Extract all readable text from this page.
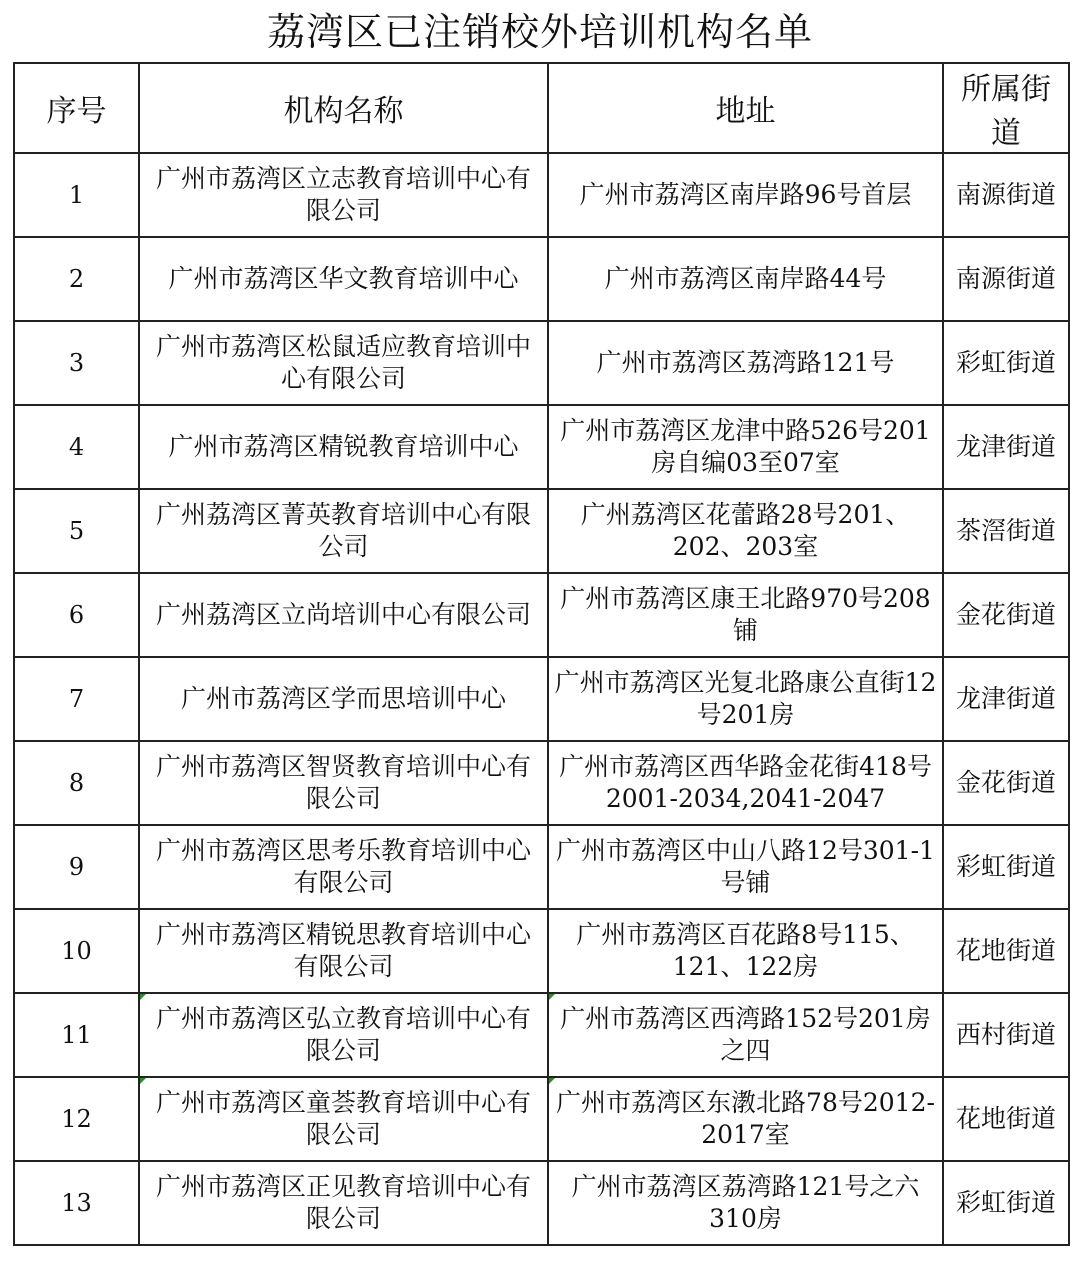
荔湾区已注销校外培训机构名单
序号	机构名称	地址	所属街道
1	广州市荔湾区立志教育培训中心有限公司	广州市荔湾区南岸路96号首层	南源街道
2	广州市荔湾区华文教育培训中心	广州市荔湾区南岸路44号	南源街道
3	广州市荔湾区松鼠适应教育培训中心有限公司	广州市荔湾区荔湾路121号	彩虹街道
4	广州市荔湾区精锐教育培训中心	广州市荔湾区龙津中路526号201房自编03至07室	龙津街道
5	广州荔湾区菁英教育培训中心有限公司	广州荔湾区花蕾路28号201、202、203室	茶滘街道
6	广州荔湾区立尚培训中心有限公司	广州市荔湾区康王北路970号208铺	金花街道
7	广州市荔湾区学而思培训中心	广州市荔湾区光复北路康公直街12号201房	龙津街道
8	广州市荔湾区智贤教育培训中心有限公司	广州市荔湾区西华路金花街418号2001-2034,2041-2047	金花街道
9	广州市荔湾区思考乐教育培训中心有限公司	广州市荔湾区中山八路12号301-1号铺	彩虹街道
10	广州市荔湾区精锐思教育培训中心有限公司	广州市荔湾区百花路8号115、121、122房	花地街道
11	广州市荔湾区弘立教育培训中心有限公司	广州市荔湾区西湾路152号201房之四	西村街道
12	广州市荔湾区童荟教育培训中心有限公司	广州市荔湾区东漖北路78号2012-2017室	花地街道
13	广州市荔湾区正见教育培训中心有限公司	广州市荔湾区荔湾路121号之六310房	彩虹街道
